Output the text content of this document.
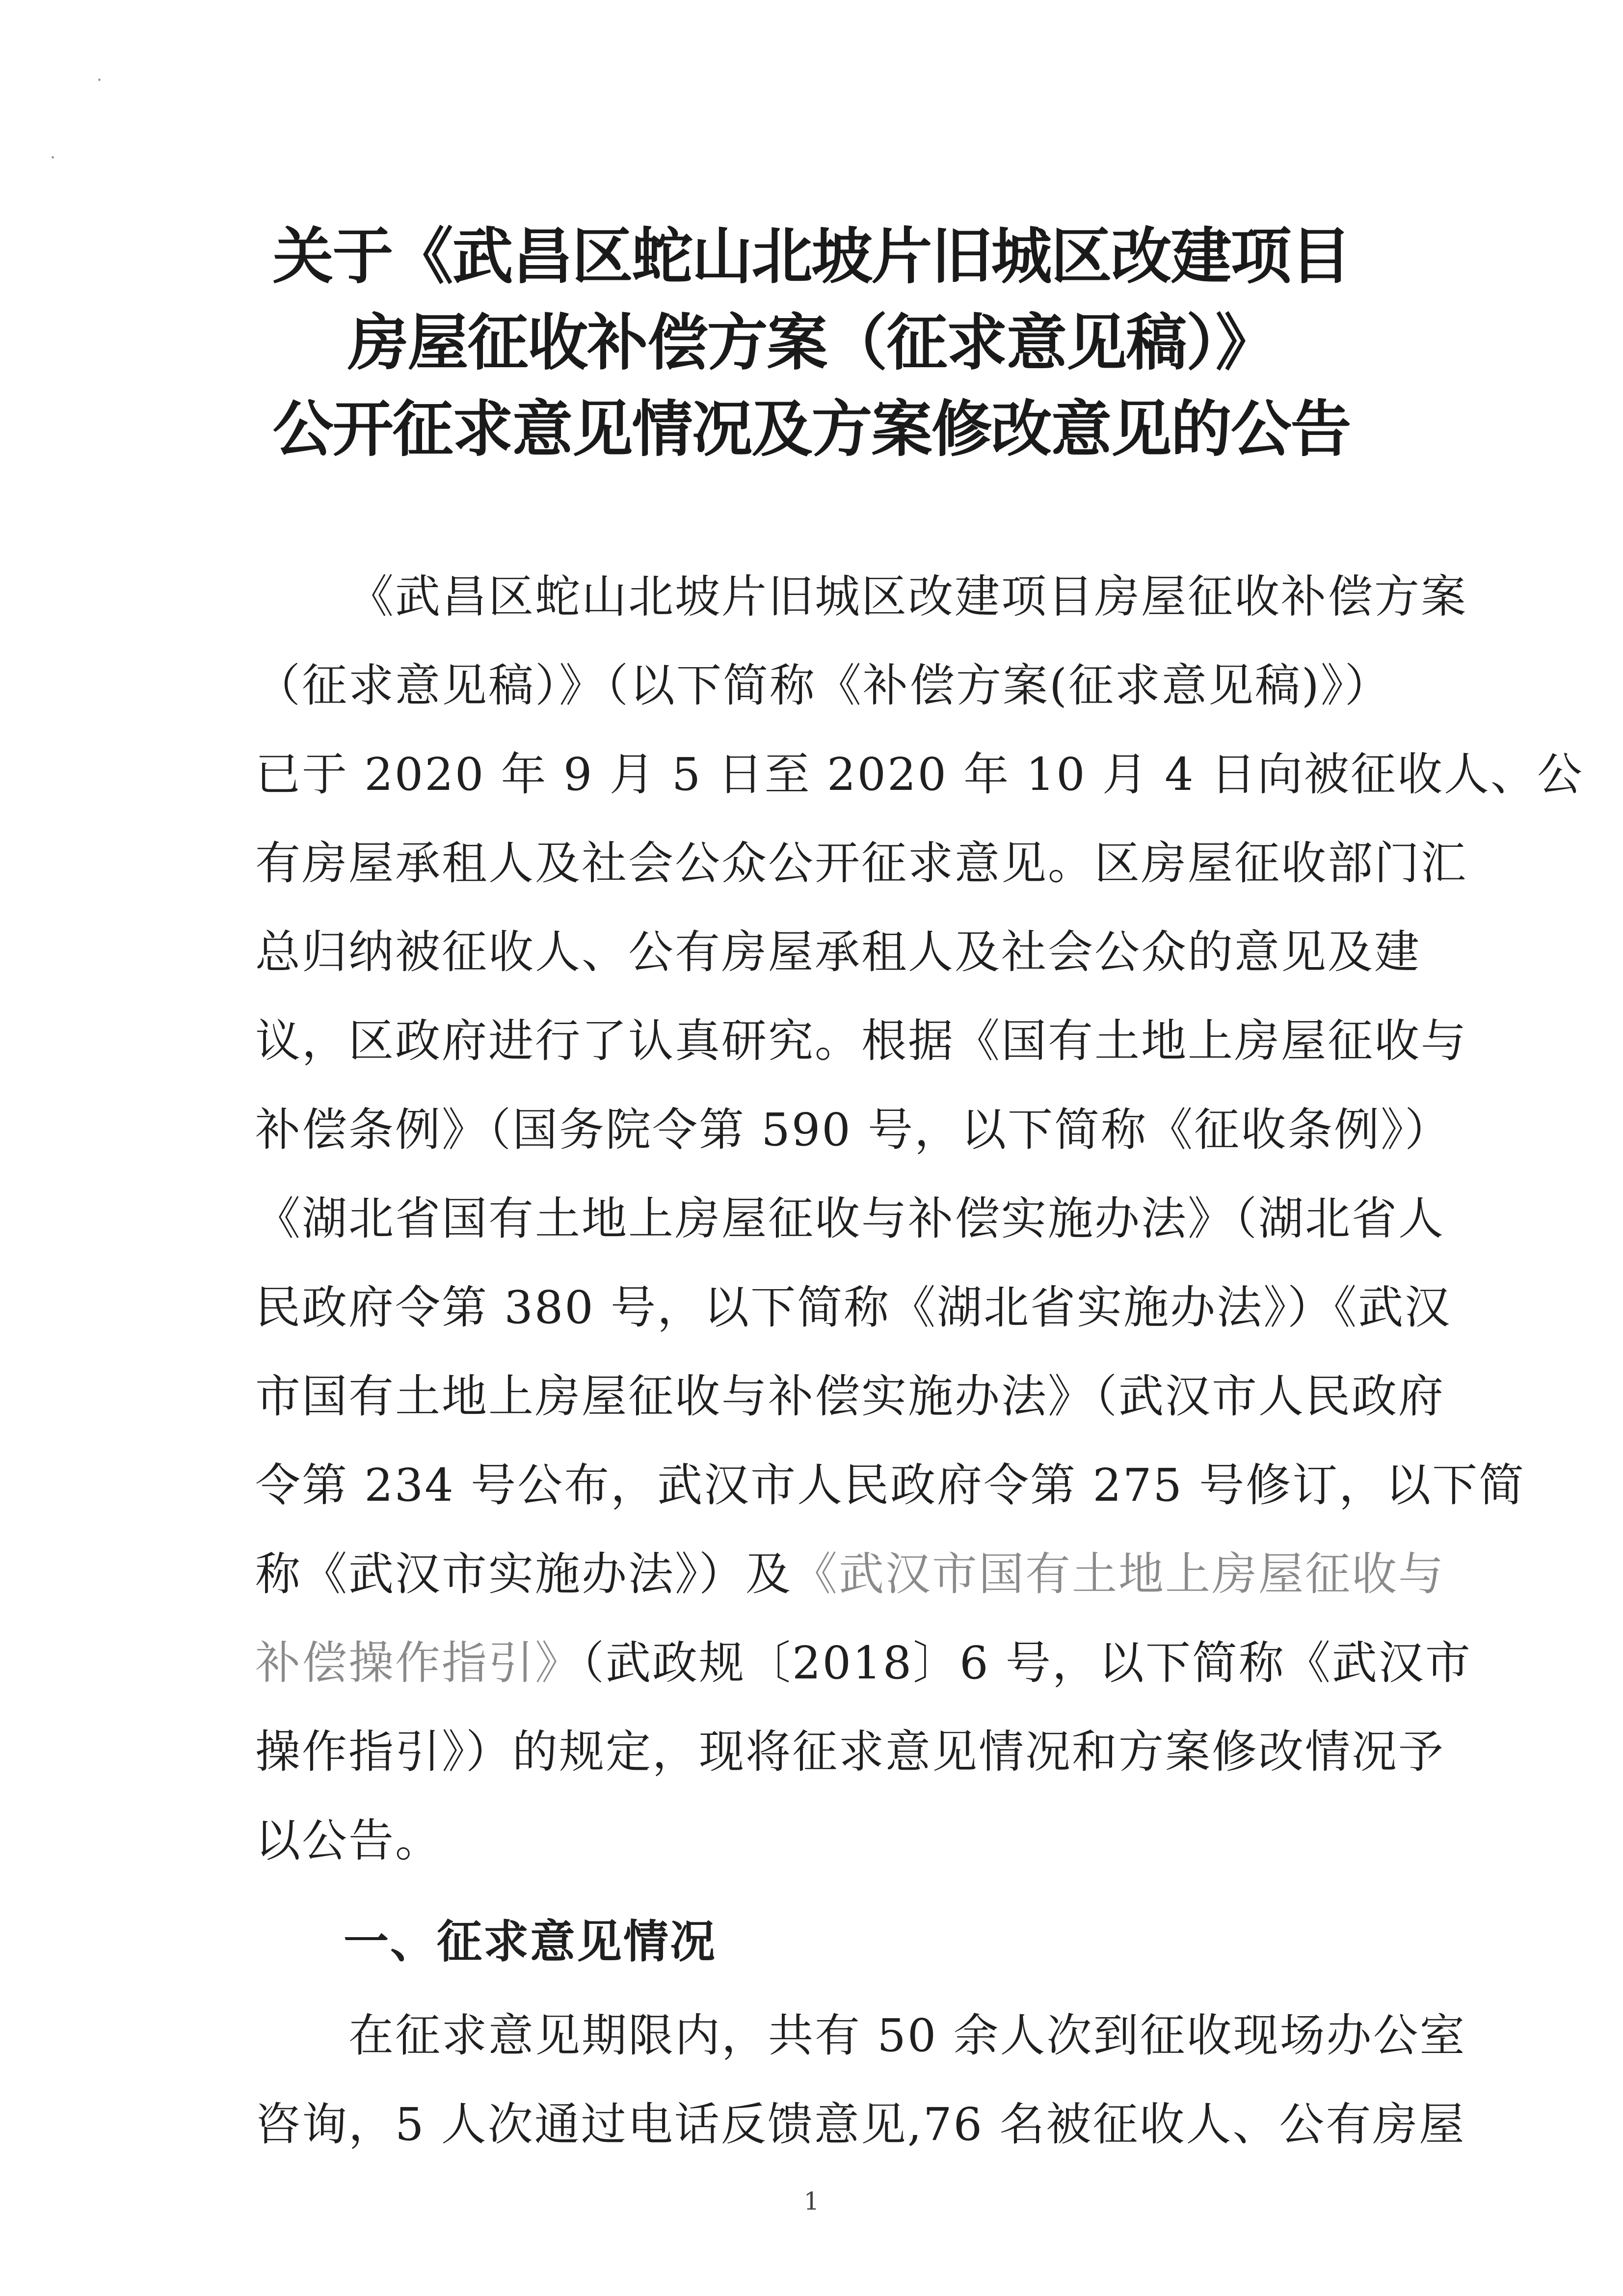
关于《武昌区蛇山北坡片旧城区改建项目
房屋征收补偿方案（征求意见稿）》
公开征求意见情况及方案修改意见的公告
《武昌区蛇山北坡片旧城区改建项目房屋征收补偿方案
（征求意见稿）》（以下简称《补偿方案(征求意见稿)》）
已于 2020 年 9 月 5 日至 2020 年 10 月 4 日向被征收人、公
有房屋承租人及社会公众公开征求意见。区房屋征收部门汇
总归纳被征收人、公有房屋承租人及社会公众的意见及建
议，区政府进行了认真研究。根据《国有土地上房屋征收与
补偿条例》（国务院令第 590 号，以下简称《征收条例》）
《湖北省国有土地上房屋征收与补偿实施办法》（湖北省人
民政府令第 380 号，以下简称《湖北省实施办法》）《武汉
市国有土地上房屋征收与补偿实施办法》（武汉市人民政府
令第 234 号公布，武汉市人民政府令第 275 号修订，以下简
称《武汉市实施办法》）及《武汉市国有土地上房屋征收与
补偿操作指引》（武政规〔2018〕6 号，以下简称《武汉市
操作指引》）的规定，现将征求意见情况和方案修改情况予
以公告。
一、征求意见情况
在征求意见期限内，共有 50 余人次到征收现场办公室
咨询，5 人次通过电话反馈意见,76 名被征收人、公有房屋
1
